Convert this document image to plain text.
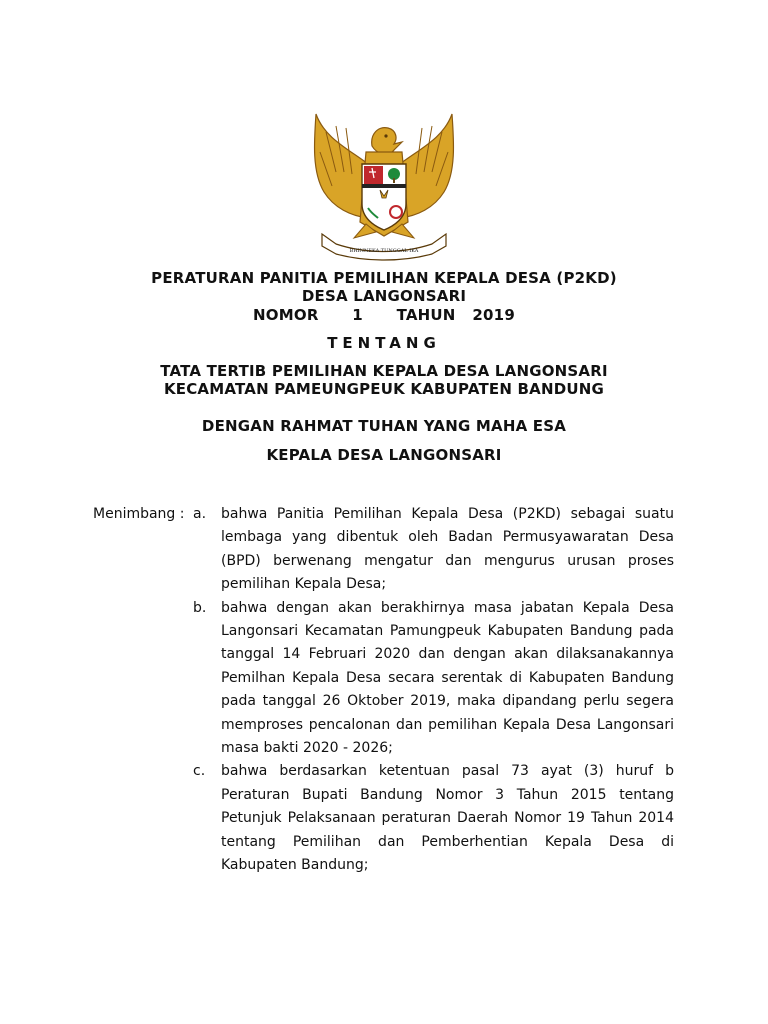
BHINNEKA TUNGGAL IKA
PERATURAN PANITIA PEMILIHAN KEPALA DESA (P2KD)
DESA LANGONSARI
NOMOR    1    TAHUN  2019
TENTANG
TATA TERTIB PEMILIHAN KEPALA DESA LANGONSARI
KECAMATAN PAMEUNGPEUK KABUPATEN BANDUNG
DENGAN RAHMAT TUHAN YANG MAHA ESA
KEPALA DESA LANGONSARI
Menimbang : a.	bahwa Panitia Pemilihan Kepala Desa (P2KD) sebagai suatu lembaga yang dibentuk oleh Badan Permusyawaratan Desa (BPD) berwenang mengatur dan mengurus urusan proses pemilihan Kepala Desa;
b.	bahwa dengan akan berakhirnya masa jabatan Kepala Desa Langonsari Kecamatan Pamungpeuk Kabupaten Bandung pada tanggal 14 Februari 2020 dan dengan akan dilaksanakannya Pemilhan Kepala Desa secara serentak di Kabupaten Bandung pada tanggal 26 Oktober 2019, maka dipandang perlu segera memproses pencalonan dan pemilihan Kepala Desa Langonsari masa bakti 2020 - 2026;
c.	bahwa berdasarkan ketentuan pasal 73 ayat (3) huruf b Peraturan Bupati Bandung Nomor 3 Tahun 2015 tentang Petunjuk Pelaksanaan peraturan Daerah Nomor 19 Tahun 2014 tentang Pemilihan dan Pemberhentian Kepala Desa di Kabupaten Bandung;
